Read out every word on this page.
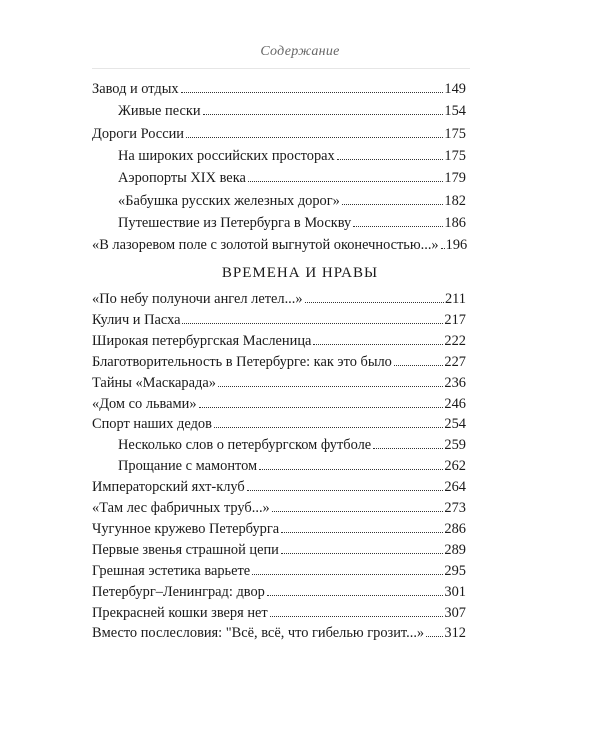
Содержание
Завод и отдых	149
Живые пески	154
Дороги России	175
На широких российских просторах	175
Аэропорты XIX века	179
«Бабушка русских железных дорог»	182
Путешествие из Петербурга в Москву	186
«В лазоревом поле с золотой выгнутой оконечностью...» 196
ВРЕМЕНА И НРАВЫ
«По небу полуночи ангел летел...»	211
Кулич и Пасха	217
Широкая петербургская Масленица	222
Благотворительность в Петербурге: как это было	227
Тайны «Маскарада»	236
«Дом со львами»	246
Спорт наших дедов	254
Несколько слов о петербургском футболе	259
Прощание с мамонтом	262
Императорский яхт-клуб	264
«Там лес фабричных труб...»	273
Чугунное кружево Петербурга	286
Первые звенья страшной цепи	289
Грешная эстетика варьете	295
Петербург–Ленинград: двор	301
Прекрасней кошки зверя нет	307
Вместо послесловия: "Всё, всё, что гибелью грозит...» 312
